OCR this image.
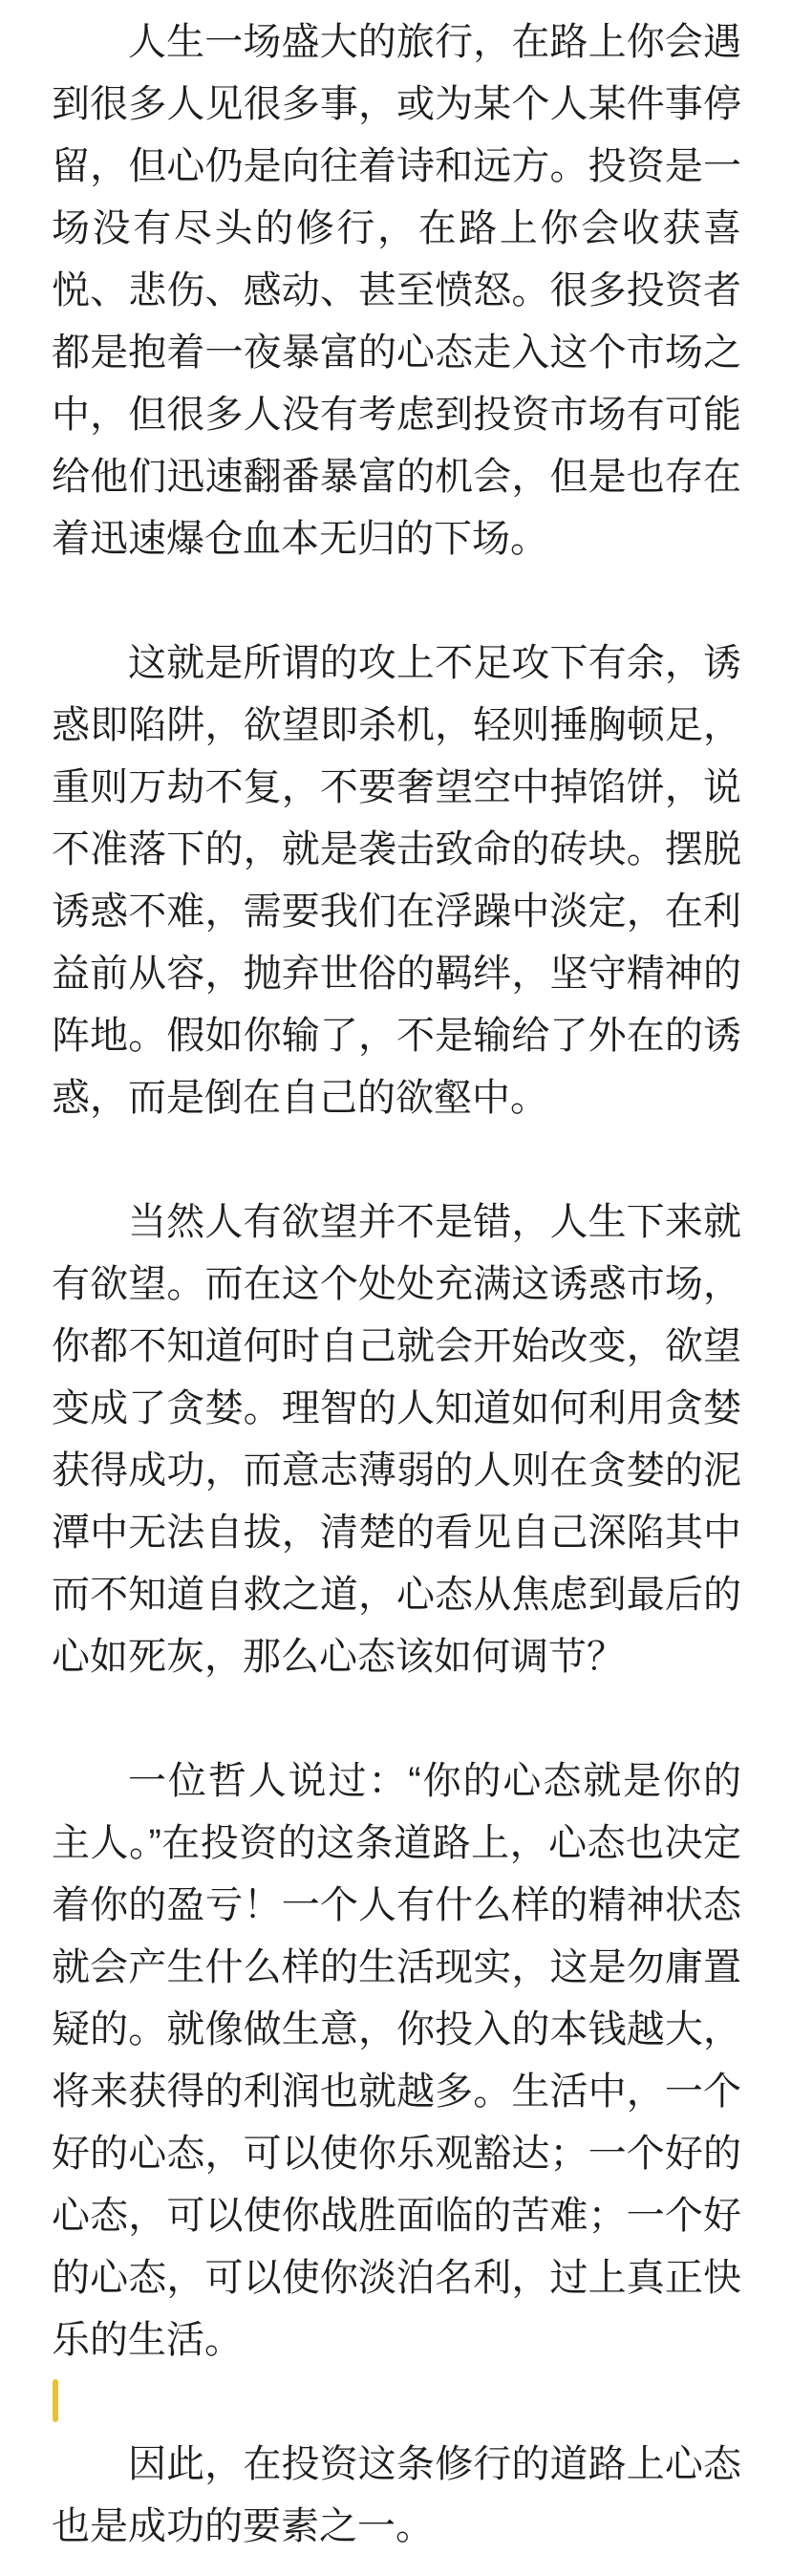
人生一场盛大的旅行，在路上你会遇到很多人见很多事，或为某个人某件事停留，但心仍是向往着诗和远方。投资是一场没有尽头的修行，在路上你会收获喜悦、悲伤、感动、甚至愤怒。很多投资者都是抱着一夜暴富的心态走入这个市场之中，但很多人没有考虑到投资市场有可能给他们迅速翻番暴富的机会，但是也存在着迅速爆仓血本无归的下场。

这就是所谓的攻上不足攻下有余，诱惑即陷阱，欲望即杀机，轻则捶胸顿足，重则万劫不复，不要奢望空中掉馅饼，说不准落下的，就是袭击致命的砖块。摆脱诱惑不难，需要我们在浮躁中淡定，在利益前从容，抛弃世俗的羁绊，坚守精神的阵地。假如你输了，不是输给了外在的诱惑，而是倒在自己的欲壑中。

当然人有欲望并不是错，人生下来就有欲望。而在这个处处充满这诱惑市场，你都不知道何时自己就会开始改变，欲望变成了贪婪。理智的人知道如何利用贪婪获得成功，而意志薄弱的人则在贪婪的泥潭中无法自拔，清楚的看见自己深陷其中而不知道自救之道，心态从焦虑到最后的心如死灰，那么心态该如何调节？

一位哲人说过：“你的心态就是你的主人。”在投资的这条道路上，心态也决定着你的盈亏！一个人有什么样的精神状态就会产生什么样的生活现实，这是勿庸置疑的。就像做生意，你投入的本钱越大，将来获得的利润也就越多。生活中，一个好的心态，可以使你乐观豁达；一个好的心态，可以使你战胜面临的苦难；一个好的心态，可以使你淡泊名利，过上真正快乐的生活。

因此，在投资这条修行的道路上心态也是成功的要素之一。
